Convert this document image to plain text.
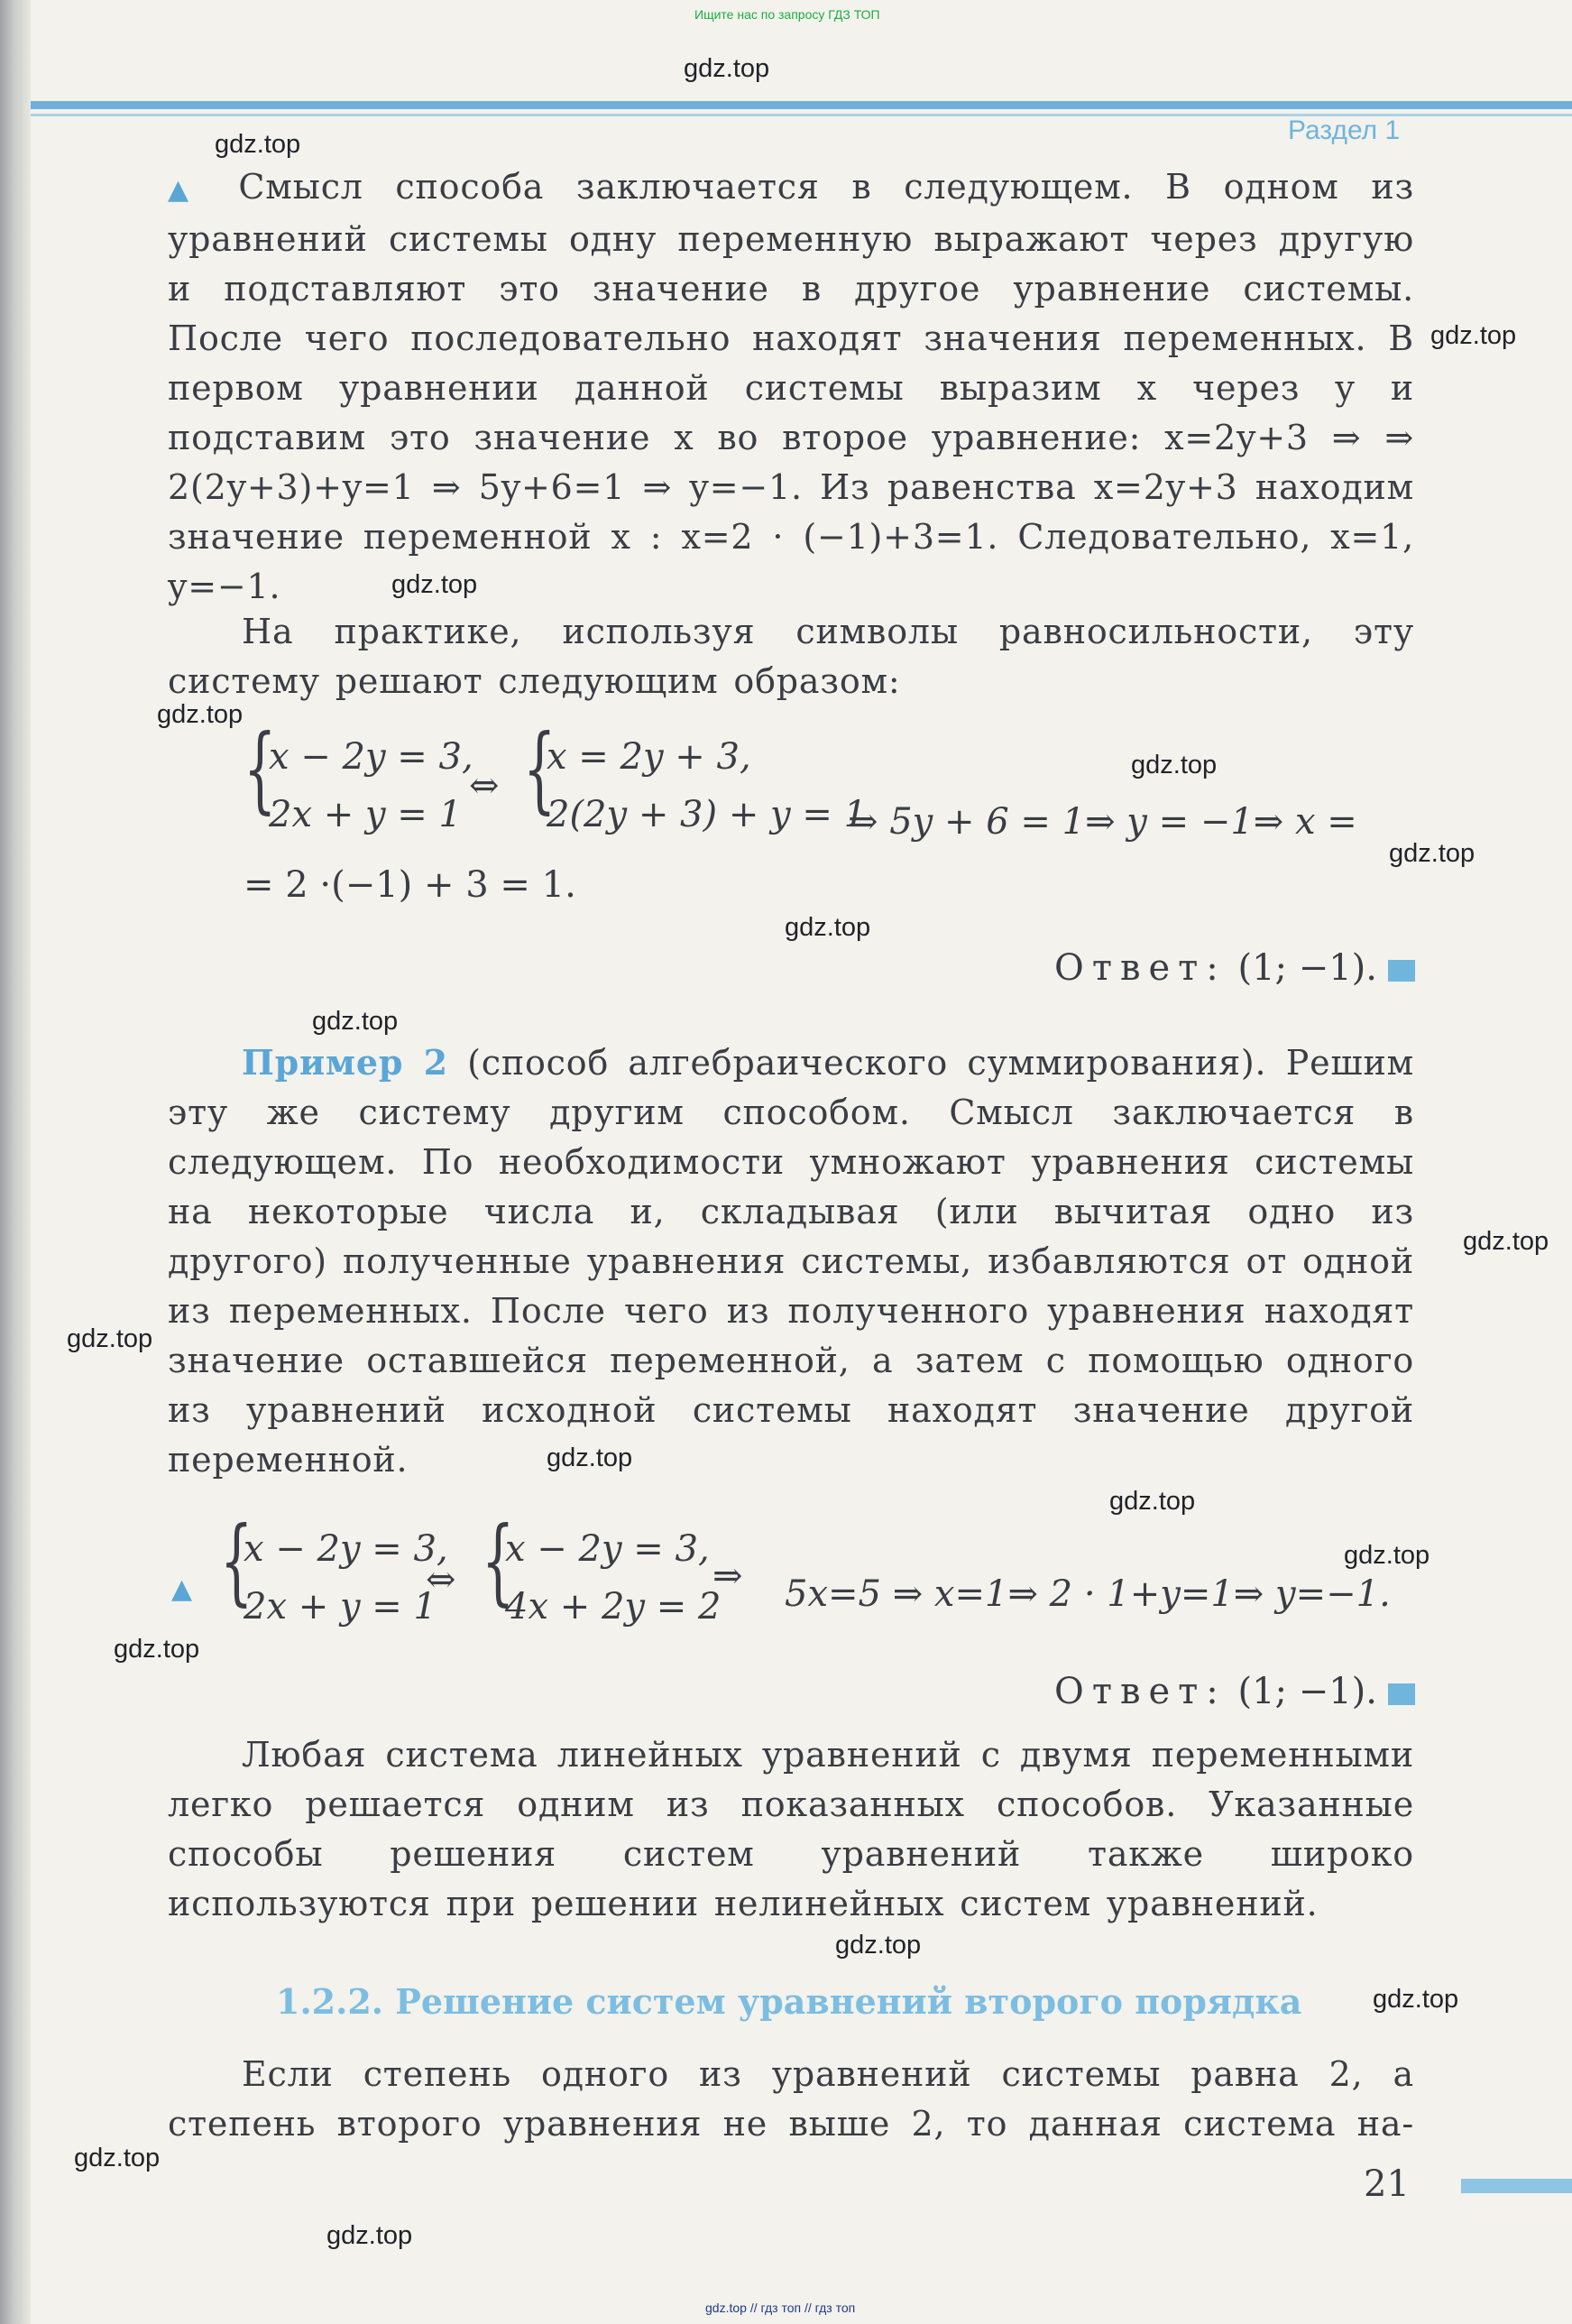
Ищите нас по запросу ГДЗ ТОП
Раздел 1

▲ Смысл способа заключается в следующем. В одном из уравнений системы одну переменную выражают через другую и подставляют это значение в другое уравнение системы. После чего последовательно находят значения переменных. В первом уравнении данной системы выразим x через y и подставим это значение x во второе уравнение: x=2y+3 ⇒ ⇒ 2(2y+3)+y=1 ⇒ 5y+6=1 ⇒ y=−1. Из равенства x=2y+3 находим значение переменной x : x=2 · (−1)+3=1. Следовательно, x=1, y=−1.

На практике, используя символы равносильности, эту систему решают следующим образом:

{
x − 2y = 3,
2x + y = 1
⇔ {
x = 2y + 3,
2(2y + 3) + y = 1
⇒ 5y + 6 = 1⇒ y = −1⇒ x =
= 2 ·(−1) + 3 = 1.
Ответ: (1; −1).

Пример 2 (способ алгебраического суммирования). Решим эту же систему другим способом. Смысл заключается в следующем. По необходимости умножают уравнения системы на некоторые числа и, складывая (или вычитая одно из другого) полученные уравнения системы, избавляются от одной из переменных. После чего из полученного уравнения находят значение оставшейся переменной, а затем с помощью одного из уравнений исходной системы находят значение другой переменной.

▲ {
x − 2y = 3,
2x + y = 1
⇔ {
x − 2y = 3,
4x + 2y = 2
⇒ 5x=5 ⇒ x=1⇒ 2 · 1+y=1⇒ y=−1.
Ответ: (1; −1).

Любая система линейных уравнений с двумя переменными легко решается одним из показанных способов. Указанные способы решения систем уравнений также широко используются при решении нелинейных систем уравнений.

1.2.2. Решение систем уравнений второго порядка

Если степень одного из уравнений системы равна 2, а степень второго уравнения не выше 2, то данная система на-

21
gdz.top // гдз топ // гдз топ
gdz.top
gdz.top
gdz.top
gdz.top
gdz.top
gdz.top
gdz.top
gdz.top
gdz.top
gdz.top
gdz.top
gdz.top
gdz.top
gdz.top
gdz.top
gdz.top
gdz.top
gdz.top
gdz.top
